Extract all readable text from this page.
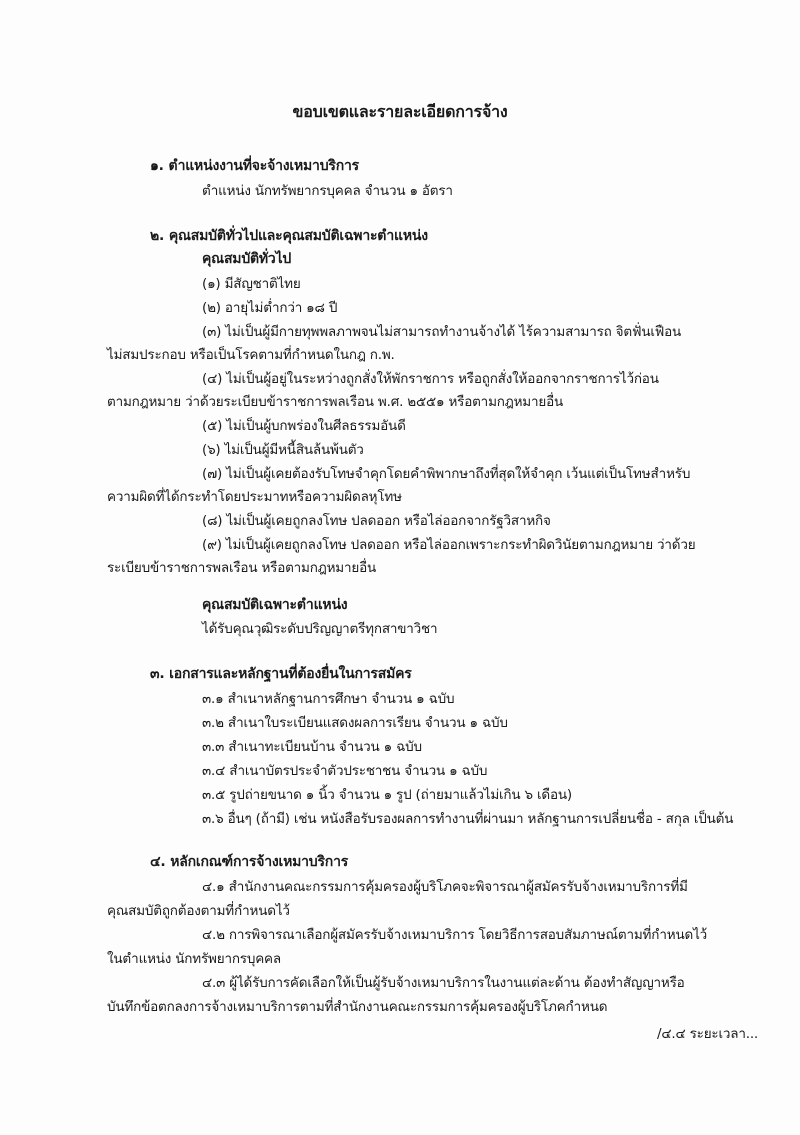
ขอบเขตและรายละเอียดการจ้าง
๑. ตำแหน่งงานที่จะจ้างเหมาบริการ
ตำแหน่ง นักทรัพยากรบุคคล จำนวน ๑ อัตรา
๒. คุณสมบัติทั่วไปและคุณสมบัติเฉพาะตำแหน่ง
คุณสมบัติทั่วไป
(๑) มีสัญชาติไทย
(๒) อายุไม่ต่ำกว่า ๑๘ ปี
(๓) ไม่เป็นผู้มีกายทุพพลภาพจนไม่สามารถทำงานจ้างได้ ไร้ความสามารถ จิตฟั่นเฟือน
ไม่สมประกอบ หรือเป็นโรคตามที่กำหนดในกฎ ก.พ.
(๔) ไม่เป็นผู้อยู่ในระหว่างถูกสั่งให้พักราชการ หรือถูกสั่งให้ออกจากราชการไว้ก่อน
ตามกฎหมาย ว่าด้วยระเบียบข้าราชการพลเรือน พ.ศ. ๒๕๕๑ หรือตามกฎหมายอื่น
(๕) ไม่เป็นผู้บกพร่องในศีลธรรมอันดี
(๖) ไม่เป็นผู้มีหนี้สินล้นพ้นตัว
(๗) ไม่เป็นผู้เคยต้องรับโทษจำคุกโดยคำพิพากษาถึงที่สุดให้จำคุก เว้นแต่เป็นโทษสำหรับ
ความผิดที่ได้กระทำโดยประมาทหรือความผิดลหุโทษ
(๘) ไม่เป็นผู้เคยถูกลงโทษ ปลดออก หรือไล่ออกจากรัฐวิสาหกิจ
(๙) ไม่เป็นผู้เคยถูกลงโทษ ปลดออก หรือไล่ออกเพราะกระทำผิดวินัยตามกฎหมาย ว่าด้วย
ระเบียบข้าราชการพลเรือน หรือตามกฎหมายอื่น
คุณสมบัติเฉพาะตำแหน่ง
ได้รับคุณวุฒิระดับปริญญาตรีทุกสาขาวิชา
๓. เอกสารและหลักฐานที่ต้องยื่นในการสมัคร
๓.๑ สำเนาหลักฐานการศึกษา จำนวน ๑ ฉบับ
๓.๒ สำเนาใบระเบียนแสดงผลการเรียน จำนวน ๑ ฉบับ
๓.๓ สำเนาทะเบียนบ้าน จำนวน ๑ ฉบับ
๓.๔ สำเนาบัตรประจำตัวประชาชน จำนวน ๑ ฉบับ
๓.๕ รูปถ่ายขนาด ๑ นิ้ว จำนวน ๑ รูป (ถ่ายมาแล้วไม่เกิน ๖ เดือน)
๓.๖ อื่นๆ (ถ้ามี) เช่น หนังสือรับรองผลการทำงานที่ผ่านมา หลักฐานการเปลี่ยนชื่อ - สกุล เป็นต้น
๔. หลักเกณฑ์การจ้างเหมาบริการ
๔.๑ สำนักงานคณะกรรมการคุ้มครองผู้บริโภคจะพิจารณาผู้สมัครรับจ้างเหมาบริการที่มี
คุณสมบัติถูกต้องตามที่กำหนดไว้
๔.๒ การพิจารณาเลือกผู้สมัครรับจ้างเหมาบริการ โดยวิธีการสอบสัมภาษณ์ตามที่กำหนดไว้
ในตำแหน่ง นักทรัพยากรบุคคล
๔.๓ ผู้ได้รับการคัดเลือกให้เป็นผู้รับจ้างเหมาบริการในงานแต่ละด้าน ต้องทำสัญญาหรือ
บันทึกข้อตกลงการจ้างเหมาบริการตามที่สำนักงานคณะกรรมการคุ้มครองผู้บริโภคกำหนด
/๔.๔ ระยะเวลา...
